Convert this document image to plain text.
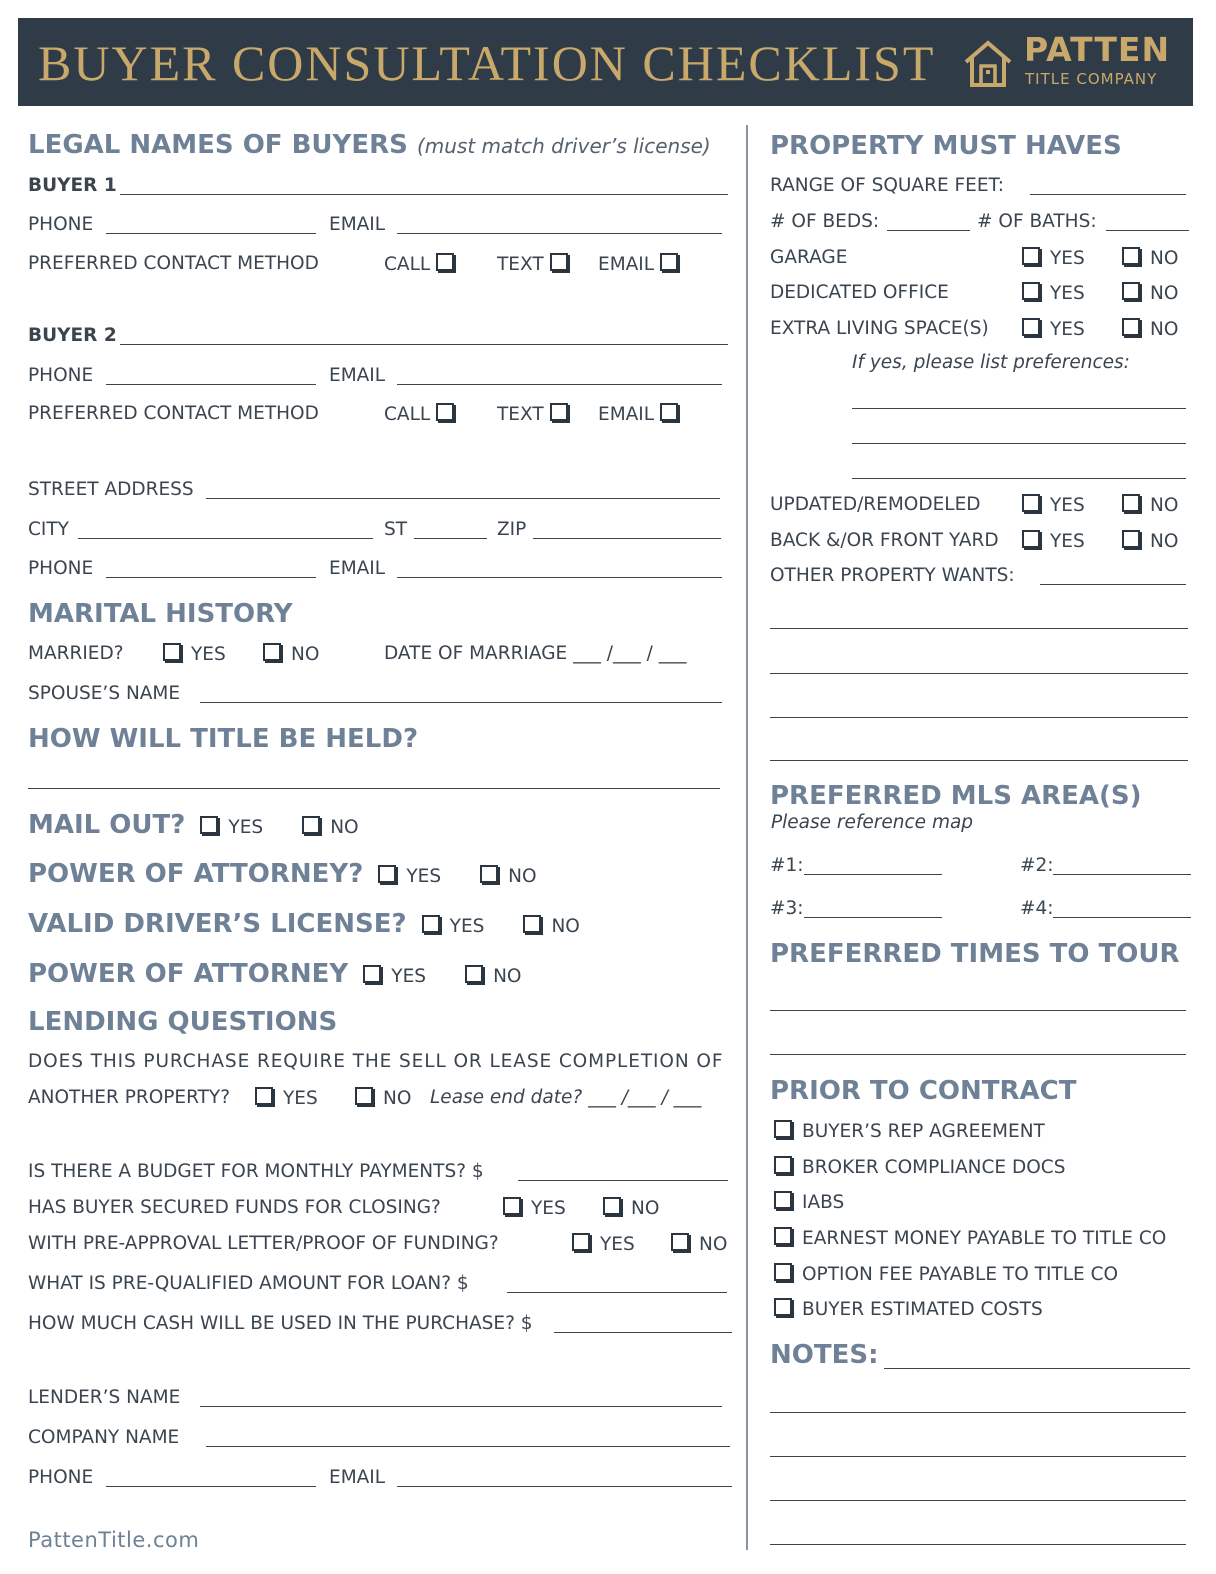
BUYER CONSULTATION CHECKLIST	PATTEN
TITLE COMPANY
LEGAL NAMES OF BUYERS (must match driver’s license)
BUYER 1
PHONE	EMAIL
PREFERRED CONTACT METHOD	CALL	TEXT	EMAIL
BUYER 2
PHONE	EMAIL
PREFERRED CONTACT METHOD	CALL	TEXT	EMAIL
STREET ADDRESS
CITY	ST	ZIP
PHONE	EMAIL
MARITAL HISTORY
MARRIED?	YES	NO	DATE OF MARRIAGE ___ /___ / ___
SPOUSE’S NAME
HOW WILL TITLE BE HELD?
MAIL OUT? YES	NO
POWER OF ATTORNEY? YES	NO
VALID DRIVER’S LICENSE? YES	NO
POWER OF ATTORNEY YES	NO
LENDING QUESTIONS
DOES THIS PURCHASE REQUIRE THE SELL OR LEASE COMPLETION OF
ANOTHER PROPERTY?	YES	NO Lease end date? ___ /___ / ___
IS THERE A BUDGET FOR MONTHLY PAYMENTS? $
HAS BUYER SECURED FUNDS FOR CLOSING?	YES	NO
WITH PRE-APPROVAL LETTER/PROOF OF FUNDING?	YES	NO
WHAT IS PRE-QUALIFIED AMOUNT FOR LOAN? $
HOW MUCH CASH WILL BE USED IN THE PURCHASE? $
LENDER’S NAME
COMPANY NAME
PHONE	EMAIL
PattenTitle.com
PROPERTY MUST HAVES
RANGE OF SQUARE FEET:
# OF BEDS:	# OF BATHS:
GARAGE	YES	NO
DEDICATED OFFICE	YES	NO
EXTRA LIVING SPACE(S)	YES	NO
If yes, please list preferences:
UPDATED/REMODELED	YES	NO
BACK &/OR FRONT YARD	YES	NO
OTHER PROPERTY WANTS:
PREFERRED MLS AREA(S)
Please reference map
#1:	#2:
#3:	#4:
PREFERRED TIMES TO TOUR
PRIOR TO CONTRACT
BUYER’S REP AGREEMENT
BROKER COMPLIANCE DOCS
IABS
EARNEST MONEY PAYABLE TO TITLE CO
OPTION FEE PAYABLE TO TITLE CO
BUYER ESTIMATED COSTS
NOTES:
